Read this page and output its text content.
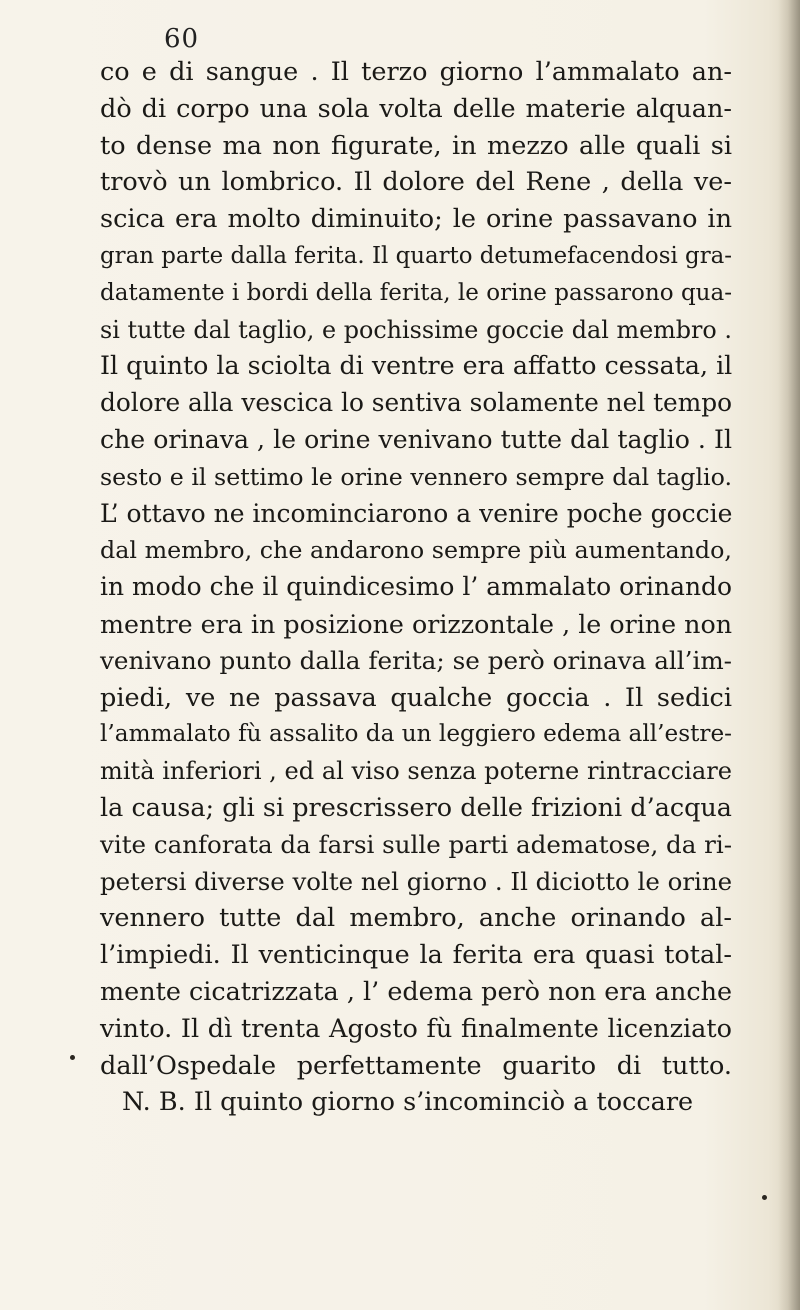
60
co e di sangue . Il terzo giorno l’ammalato an-
dò di corpo una sola volta delle materie alquan-
to dense ma non figurate, in mezzo alle quali si
trovò un lombrico. Il dolore del Rene , della ve-
scica era molto diminuito; le orine passavano in
gran parte dalla ferita. Il quarto detumefacendosi gra-
datamente i bordi della ferita, le orine passarono qua-
si tutte dal taglio, e pochissime goccie dal membro .
Il quinto la sciolta di ventre era affatto cessata, il
dolore alla vescica lo sentiva solamente nel tempo
che orinava , le orine venivano tutte dal taglio . Il
sesto e il settimo le orine vennero sempre dal taglio.
L’ ottavo ne incominciarono a venire poche goccie
dal membro, che andarono sempre più aumentando,
in modo che il quindicesimo l’ ammalato orinando
mentre era in posizione orizzontale , le orine non
venivano punto dalla ferita; se però orinava all’im-
piedi, ve ne passava qualche goccia . Il sedici
l’ammalato fù assalito da un leggiero edema all’estre-
mità inferiori , ed al viso senza poterne rintracciare
la causa; gli si prescrissero delle frizioni d’acqua
vite canforata da farsi sulle parti adematose, da ri-
petersi diverse volte nel giorno . Il diciotto le orine
vennero tutte dal membro, anche orinando al-
l’impiedi. Il venticinque la ferita era quasi total-
mente cicatrizzata , l’ edema però non era anche
vinto. Il dì trenta Agosto fù finalmente licenziato
dall’Ospedale perfettamente guarito di tutto.
N. B. Il quinto giorno s’incominciò a toccare
